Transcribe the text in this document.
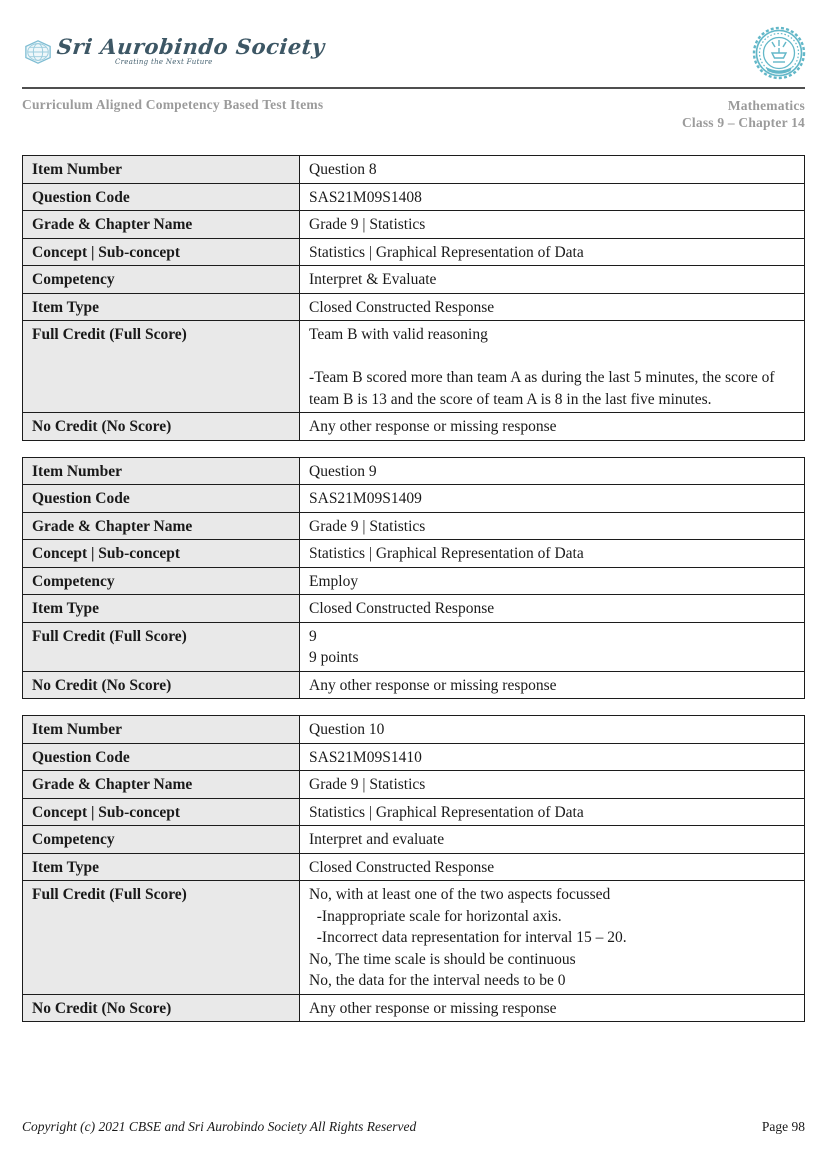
Sri Aurobindo Society
Creating the Next Future
Curriculum Aligned Competency Based Test Items	Mathematics
Class 9 – Chapter 14
Item Number	Question 8

Question Code	SAS21M09S1408

Grade & Chapter Name	Grade 9 | Statistics

Concept | Sub-concept	Statistics | Graphical Representation of Data

Competency	Interpret & Evaluate

Item Type	Closed Constructed Response

Full Credit (Full Score)	Team B with valid reasoning

-Team B scored more than team A as during the last 5 minutes, the score of team B is 13 and the score of team A is 8 in the last five minutes.

No Credit (No Score)	Any other response or missing response
Item Number	Question 9

Question Code	SAS21M09S1409

Grade & Chapter Name	Grade 9 | Statistics

Concept | Sub-concept	Statistics | Graphical Representation of Data

Competency	Employ

Item Type	Closed Constructed Response

Full Credit (Full Score)	9
9 points

No Credit (No Score)	Any other response or missing response
Item Number	Question 10

Question Code	SAS21M09S1410

Grade & Chapter Name	Grade 9 | Statistics

Concept | Sub-concept	Statistics | Graphical Representation of Data

Competency	Interpret and evaluate

Item Type	Closed Constructed Response

Full Credit (Full Score)	No, with at least one of the two aspects focussed
-Inappropriate scale for horizontal axis.
-Incorrect data representation for interval 15 – 20.
No, The time scale is should be continuous
No, the data for the interval needs to be 0

No Credit (No Score)	Any other response or missing response
Copyright (c) 2021 CBSE and Sri Aurobindo Society All Rights Reserved	Page 98
